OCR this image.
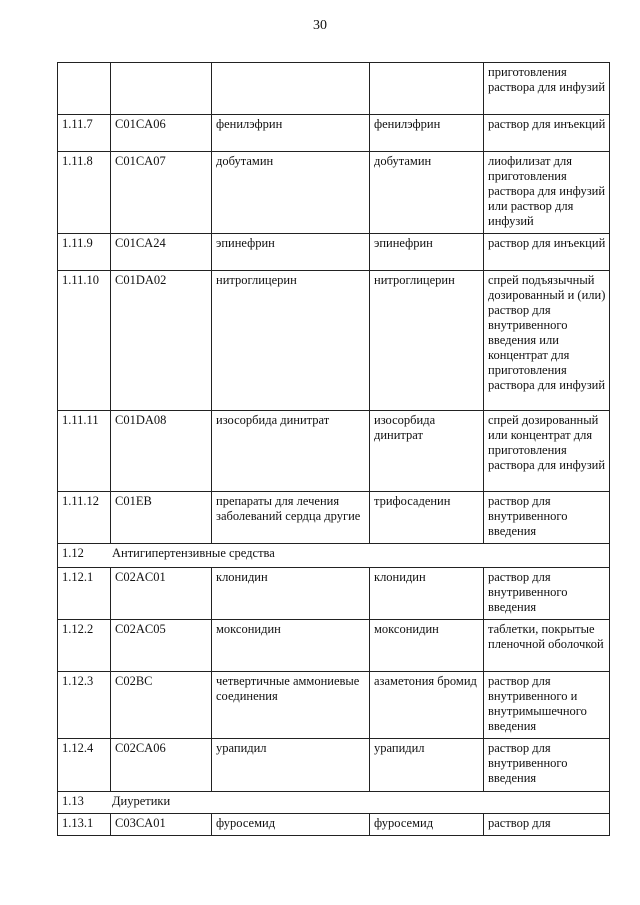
30
				приготовления раствора для инфузий
1.11.7	C01CA06	фенилэфрин	фенилэфрин	раствор для инъекций
1.11.8	C01CA07	добутамин	добутамин	лиофилизат для приготовления раствора для инфузий или раствор для инфузий
1.11.9	C01CA24	эпинефрин	эпинефрин	раствор для инъекций
1.11.10	C01DA02	нитроглицерин	нитроглицерин	спрей подъязычный дозированный и (или) раствор для внутривенного введения или концентрат для приготовления раствора для инфузий
1.11.11	C01DA08	изосорбида динитрат	изосорбида динитрат	спрей дозированный или концентрат для приготовления раствора для инфузий
1.11.12	C01EB	препараты для лечения заболеваний сердца другие	трифосаденин	раствор для внутривенного введения
1.12 Антигипертензивные средства				
1.12.1	C02AC01	клонидин	клонидин	раствор для внутривенного введения
1.12.2	C02AC05	моксонидин	моксонидин	таблетки, покрытые пленочной оболочкой
1.12.3	C02BC	четвертичные аммониевые соединения	азаметония бромид	раствор для внутривенного и внутримышечного введения
1.12.4	C02CA06	урапидил	урапидил	раствор для внутривенного введения
1.13 Диуретики				
1.13.1	C03CA01	фуросемид	фуросемид	раствор для
